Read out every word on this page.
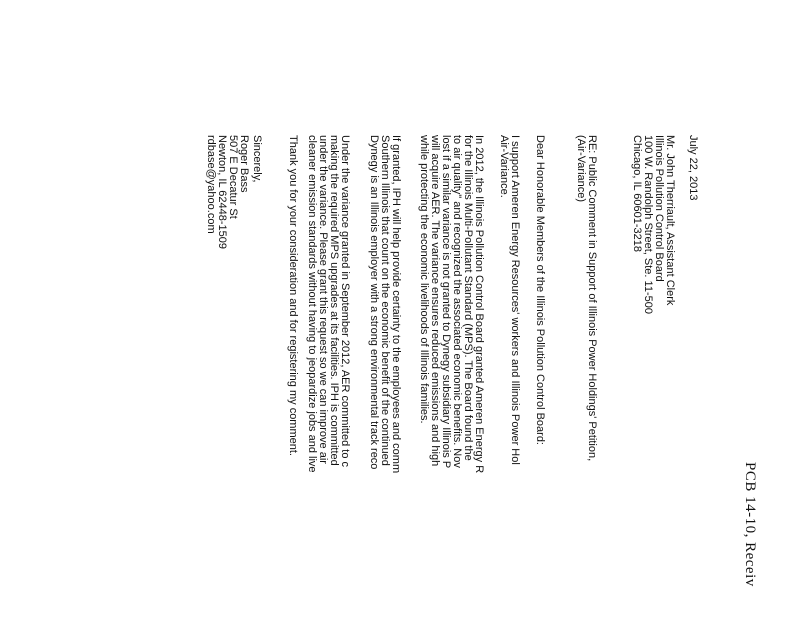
PCB 14-10, Receiv
July 22, 2013
Mr. John Therriault, Assistant Clerk
Illinois Pollution Control Board
100 W. Randolph Street, Ste. 11-500
Chicago, IL 60601-3218
RE: Public Comment in Support of Illinois Power Holdings' Petition,
(Air-Variance)
Dear Honorable Members of the Illinois Pollution Control Board:
I support Ameren Energy Resources' workers and Illinois Power Hol
Air-Variance.
In 2012, the Illinois Pollution Control Board granted Ameren Energy R
for the Illinois Multi-Pollutant Standard (MPS). The Board found the
to air quality" and recognized the associated economic benefits. Nov
lost if a similar variance is not granted to Dynegy subsidiary Illinois P
will acquire AER. The variance ensures reduced emissions and high
while protecting the economic livelihoods of Illinois families.
If granted, IPH will help provide certainty to the employees and comm
Southern Illinois that count on the economic benefit of the continued
Dynegy is an Illinois employer with a strong environmental track reco
Under the variance granted in September 2012, AER committed to c
making the required MPS upgrades at its facilities. IPH is committed
under the variance. Please grant this request so we can improve air
cleaner emission standards without having to jeopardize jobs and live
Thank you for your consideration and for registering my comment.
Sincerely,
Roger Bass
507 E Decatur St
Newton, IL 62448-1509
rdbase@yahoo.com
